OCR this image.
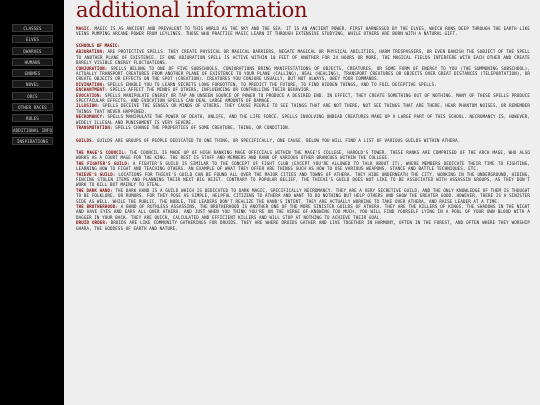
CLASSES
ELVES
DWARVES
HUMANS
GNOMES
NOVEL
ORCS
OTHER RACES
RULES
ADDITIONAL INFO
INSPIRATIONS
additional information

MAGIC. MAGIC IS AS ANCIENT AND PREVALENT TO THIS WORLD AS THE SKY AND THE SEA. IT IS AN ANCIENT POWER, FIRST HARNESSED BY THE ELVES, WHICH RUNS DEEP THROUGH THE EARTH LIKE VEINS PUMPING ARCANE POWER FROM LEYLINES. THOSE WHO PRACTICE MAGIC LEARN IT THROUGH EXTENSIVE STUDYING, WHILE OTHERS ARE BORN WITH A NATURAL GIFT.

SCHOOLS OF MAGIC:

ABJURATION: ARE PROTECTIVE SPELLS. THEY CREATE PHYSICAL OR MAGICAL BARRIERS, NEGATE MAGICAL OR PHYSICAL ABILITIES, HARM TRESPASSERS, OR EVEN BANISH THE SUBJECT OF THE SPELL TO ANOTHER PLANE OF EXISTENCE. IF ONE ABJURATION SPELL IS ACTIVE WITHIN 10 FEET OF ANOTHER FOR 24 HOURS OR MORE, THE MAGICAL FIELDS INTERFERE WITH EACH OTHER AND CREATE BARELY VISIBLE ENERGY FLUCTUATIONS.

CONJURATION: SPELLS BELONG TO ONE OF FIVE SUBSCHOOLS. CONJURATIONS BRING MANIFESTATIONS OF OBJECTS, CREATURES, OR SOME FORM OF ENERGY TO YOU (THE SUMMONING SUBSCHOOL), ACTUALLY TRANSPORT CREATURES FROM ANOTHER PLANE OF EXISTENCE TO YOUR PLANE (CALLING), HEAL (HEALING), TRANSPORT CREATURES OR OBJECTS OVER GREAT DISTANCES (TELEPORTATION), OR CREATE OBJECTS OR EFFECTS ON THE SPOT (CREATION). CREATURES YOU CONJURE USUALLY, BUT NOT ALWAYS, OBEY YOUR COMMANDS.

DIVINATION: SPELLS ENABLE YOU TO LEARN SECRETS LONG FORGOTTEN, TO PREDICT THE FUTURE, TO FIND HIDDEN THINGS, AND TO FOIL DECEPTIVE SPELLS.

ENCHANTMENT: SPELLS AFFECT THE MINDS OF OTHERS, INFLUENCING OR CONTROLLING THEIR BEHAVIOR.

EVOCATION: SPELLS MANIPULATE ENERGY OR TAP AN UNSEEN SOURCE OF POWER TO PRODUCE A DESIRED END. IN EFFECT, THEY CREATE SOMETHING OUT OF NOTHING. MANY OF THESE SPELLS PRODUCE SPECTACULAR EFFECTS, AND EVOCATION SPELLS CAN DEAL LARGE AMOUNTS OF DAMAGE.

ILLUSION: SPELLS DECEIVE THE SENSES OR MINDS OF OTHERS. THEY CAUSE PEOPLE TO SEE THINGS THAT ARE NOT THERE, NOT SEE THINGS THAT ARE THERE, HEAR PHANTOM NOISES, OR REMEMBER THINGS THAT NEVER HAPPENED.

NECROMANCY: SPELLS MANIPULATE THE POWER OF DEATH, UNLIFE, AND THE LIFE FORCE. SPELLS INVOLVING UNDEAD CREATURES MAKE UP A LARGE PART OF THIS SCHOOL. NECROMANCY IS, HOWEVER, WIDELY ILLEGAL AND PUNISHMENT IS VERY SEVERE.

TRANSMUTATION: SPELLS CHANGE THE PROPERTIES OF SOME CREATURE, THING, OR CONDITION.

GUILDS. GUILDS ARE GROUPS OF PEOPLE DEDICATED TO ONE THING, OR SPECIFICALLY, ONE CAUSE. BELOW YOU WILL FIND A LIST OF VARIOUS GUILDS WITHIN ATHERA.

THE MAGE'S COUNCIL: THE COUNCIL IS MADE UP OF HIGH RANKING MAGE OFFICIALS WITHIN THE MAGE'S COLLEGE, HAROLD'S TOWER. THESE RANKS ARE COMPRISED OF THE ARCH MAGE, WHO ALSO WORKS AS A COURT MAGE FOR THE KING. THE REST IS STAFF AND MEMBERS AND RANK OF VARIOUS OTHER BRANCHES WITHIN THE COLLEGE.

THE FIGHTER'S GUILD: A FIGHTER'S GUILD IS SIMILAR TO THE CONCEPT OF FIGHT CLUB (EXCEPT YOU'RE ALLOWED TO TALK ABOUT IT), WHERE MEMBERS DEDICATE THEIR TIME TO FIGHTING, LEARNING HOW TO FIGHT AND TEACHING OTHERS. AN EXAMPLE OF WHAT THEY OFFER ARE THINGS SUCH AS HOW TO USE VARIOUS WEAPONS, STANCE AND BATTLE TECHNIQUES, ETC.

THIEVE'S GUILD: LOCATIONS FOR THIEVE'S GUILD CAN BE FOUND ALL OVER THE MAJOR CITIES AND TOWNS OF ATHERA. THEY HIDE UNDERNEATH THE CITY, WORKING IN THE UNDERGROUND, HIDING, FENCING STOLEN ITEMS AND PLANNING THEIR NEXT BIG HEIST. CONTRARY TO POPULAR BELIEF, THE THIEVE'S GUILD DOES NOT LIKE TO BE ASSOCIATED WITH ASSASSIN GROUPS, AS THEY DON'T WORK TO KILL BUT MAINLY TO STEAL.

THE DARK HAND: THE DARK HAND IS A GUILD WHICH IS DEDICATED TO DARK MAGIC, SPECIFICALLY NECROMANCY. THEY ARE A VERY SECRETIVE GUILD, AND THE ONLY KNOWLEDGE OF THEM IS THOUGHT TO BE FOLKLORE, OR RUMORS. FOR THEY POSE AS SIMPLE, HELPFUL CITIZENS TO ATHERA AND WANT TO DO NOTHING BUT HELP OTHERS AND SHOW THE GREATER GOOD. HOWEVER, THERE IS A SINISTER SIDE AS WELL. WHILE THE PUBLIC, THE NOBLE, THE LEADERS DON'T REALIZE THE HAND'S INTENT, THEY ARE ACTUALLY WORKING TO TAKE OVER ATHERA, AND RAISE LEADER AT A TIME.

THE BROTHERHOOD: A BAND OF RUTHLESS ASSASSINS, THE BROTHERHOOD IS ANOTHER ONE OF THE MORE SINISTER GUILDS OF ATHERA. THEY ARE THE KILLERS OF KINGS, THE SHADOWS IN THE NIGHT AND HAVE EYES AND EARS ALL OVER ATHERA. AND JUST WHEN YOU THINK YOU'RE ON THE VERGE OF KNOWING TOO MUCH, YOU WILL FIND YOURSELF LYING IN A POOL OF YOUR OWN BLOOD WITH A DAGGER IN YOUR BACK. THEY ARE QUICK, CALCULATED AND EFFICIENT KILLERS AND WILL STOP AT NOTHING TO ACHIEVE THEIR GOAL.

DRUID ORDER: DRUIDS ARE LIKE COMMUNITY GATHERINGS FOR DRUIDS. THEY ARE WHERE DRUIDS GATHER AND LIVE TOGETHER IN HARMONY, OFTEN IN THE FOREST, AND OFTEN WHERE THEY WORSHIP GHARA, THE GODDESS OF EARTH AND NATURE.
